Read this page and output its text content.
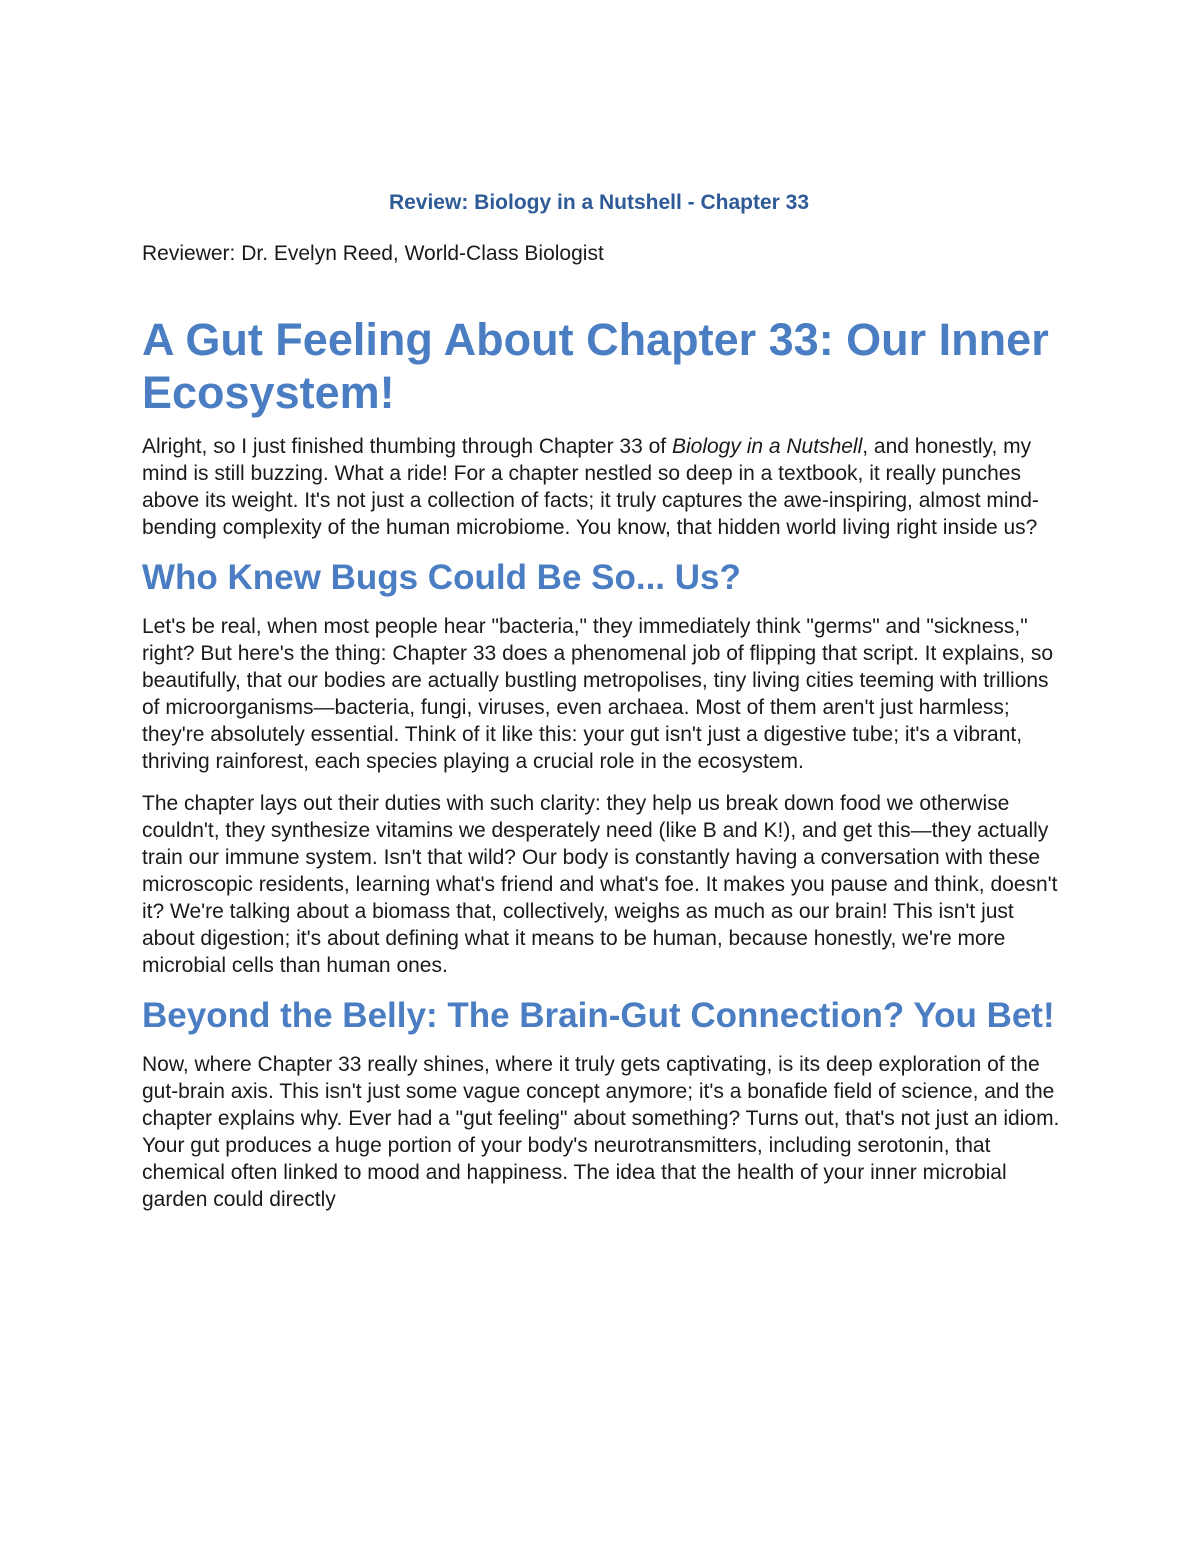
Review: Biology in a Nutshell - Chapter 33

Reviewer: Dr. Evelyn Reed, World-Class Biologist

A Gut Feeling About Chapter 33: Our Inner Ecosystem!

Alright, so I just finished thumbing through Chapter 33 of Biology in a Nutshell, and honestly, my mind is still buzzing. What a ride! For a chapter nestled so deep in a textbook, it really punches above its weight. It's not just a collection of facts; it truly captures the awe-inspiring, almost mind-bending complexity of the human microbiome. You know, that hidden world living right inside us?

Who Knew Bugs Could Be So... Us?

Let's be real, when most people hear "bacteria," they immediately think "germs" and "sickness," right? But here's the thing: Chapter 33 does a phenomenal job of flipping that script. It explains, so beautifully, that our bodies are actually bustling metropolises, tiny living cities teeming with trillions of microorganisms—bacteria, fungi, viruses, even archaea. Most of them aren't just harmless; they're absolutely essential. Think of it like this: your gut isn't just a digestive tube; it's a vibrant, thriving rainforest, each species playing a crucial role in the ecosystem.

The chapter lays out their duties with such clarity: they help us break down food we otherwise couldn't, they synthesize vitamins we desperately need (like B and K!), and get this—they actually train our immune system. Isn't that wild? Our body is constantly having a conversation with these microscopic residents, learning what's friend and what's foe. It makes you pause and think, doesn't it? We're talking about a biomass that, collectively, weighs as much as our brain! This isn't just about digestion; it's about defining what it means to be human, because honestly, we're more microbial cells than human ones.

Beyond the Belly: The Brain-Gut Connection? You Bet!

Now, where Chapter 33 really shines, where it truly gets captivating, is its deep exploration of the gut-brain axis. This isn't just some vague concept anymore; it's a bonafide field of science, and the chapter explains why. Ever had a "gut feeling" about something? Turns out, that's not just an idiom. Your gut produces a huge portion of your body's neurotransmitters, including serotonin, that chemical often linked to mood and happiness. The idea that the health of your inner microbial garden could directly
